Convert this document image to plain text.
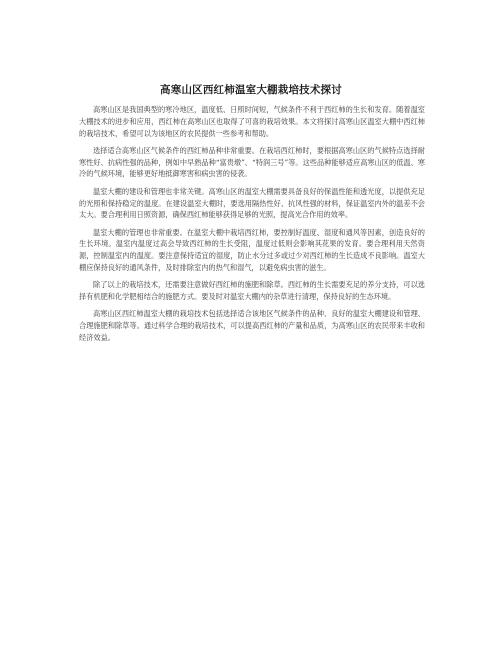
高寒山区西红柿温室大棚栽培技术探讨

高寒山区是我国典型的寒冷地区，温度低、日照时间短，气候条件不利于西红柿的生长和发育。随着温室大棚技术的进步和应用，西红柿在高寒山区也取得了可喜的栽培效果。本文将探讨高寒山区温室大棚中西红柿的栽培技术，希望可以为该地区的农民提供一些参考和帮助。

选择适合高寒山区气候条件的西红柿品种非常重要。在栽培西红柿时，要根据高寒山区的气候特点选择耐寒性好、抗病性强的品种，例如中早熟品种“富贵墩”、“特润三号”等。这些品种能够适应高寒山区的低温、寒冷的气候环境，能够更好地抵御寒害和病虫害的侵袭。

温室大棚的建设和管理也非常关键。高寒山区的温室大棚需要具备良好的保温性能和透光度，以提供充足的光照和保持稳定的温度。在建设温室大棚时，要选用隔热性好、抗风性强的材料，保证温室内外的温差不会太大。要合理利用日照资源，确保西红柿能够获得足够的光照，提高光合作用的效率。

温室大棚的管理也非常重要。在温室大棚中栽培西红柿，要控制好温度、湿度和通风等因素，创造良好的生长环境。温室内温度过高会导致西红柿的生长受阻，温度过低则会影响其花果的发育。要合理利用天然资源，控制温室内的温度。要注意保持适宜的湿度，防止水分过多或过少对西红柿的生长造成不良影响。温室大棚应保持良好的通风条件，及时排除室内的热气和湿气，以避免病虫害的滋生。

除了以上的栽培技术，还需要注意做好西红柿的施肥和除草。西红柿的生长需要充足的养分支持，可以选择有机肥和化学肥相结合的施肥方式。要及时对温室大棚内的杂草进行清理，保持良好的生态环境。

高寒山区西红柿温室大棚的栽培技术包括选择适合该地区气候条件的品种、良好的温室大棚建设和管理、合理施肥和除草等。通过科学合理的栽培技术，可以提高西红柿的产量和品质，为高寒山区的农民带来丰收和经济效益。
